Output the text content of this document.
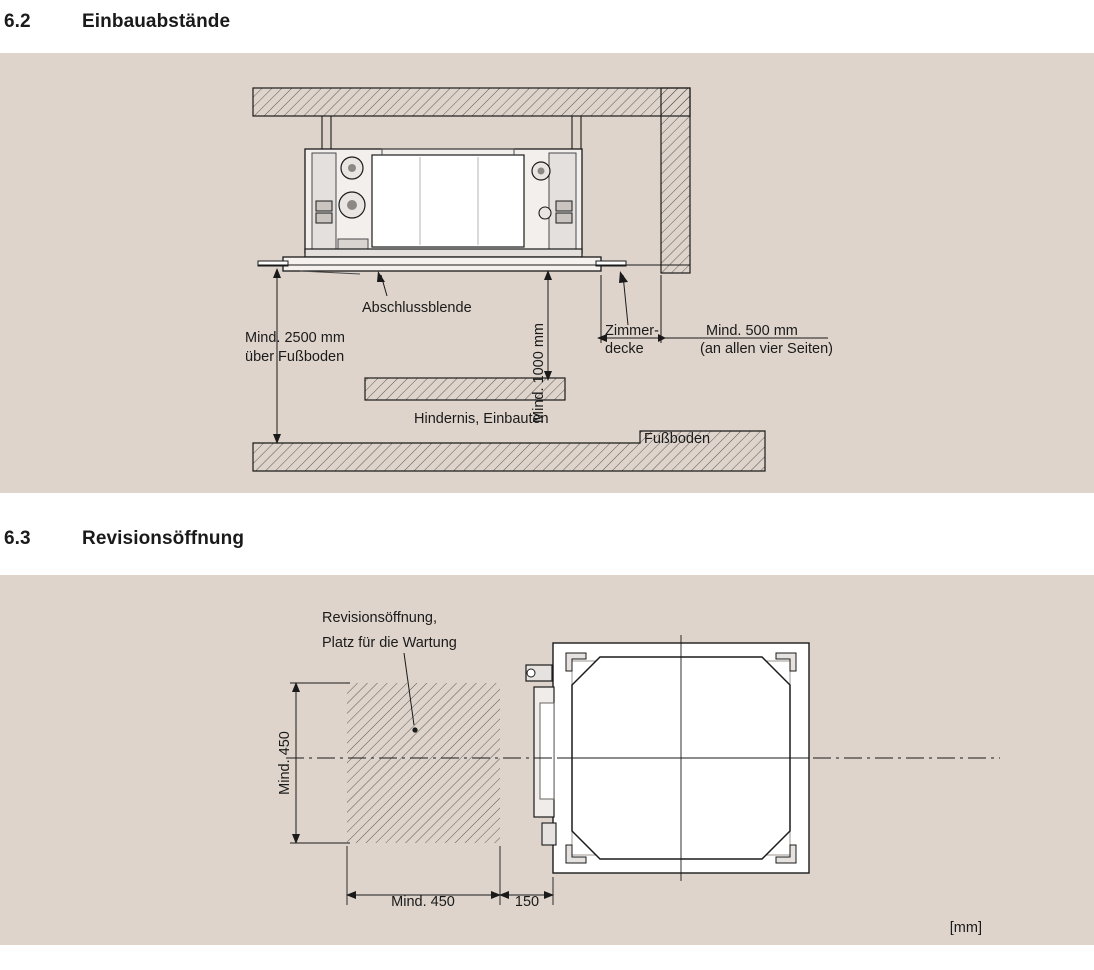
6.2	Einbauabstände
Abschlussblende
Mind. 1000 mm	Zimmer-
decke
Mind. 500 mm
(an allen vier Seiten)
Mind. 2500 mm
über Fußboden
Hindernis, Einbauten
Fußboden
6.3	Revisionsöffnung
Revisionsöffnung,
Platz für die Wartung
Mind. 450
Mind. 450	150
[mm]
